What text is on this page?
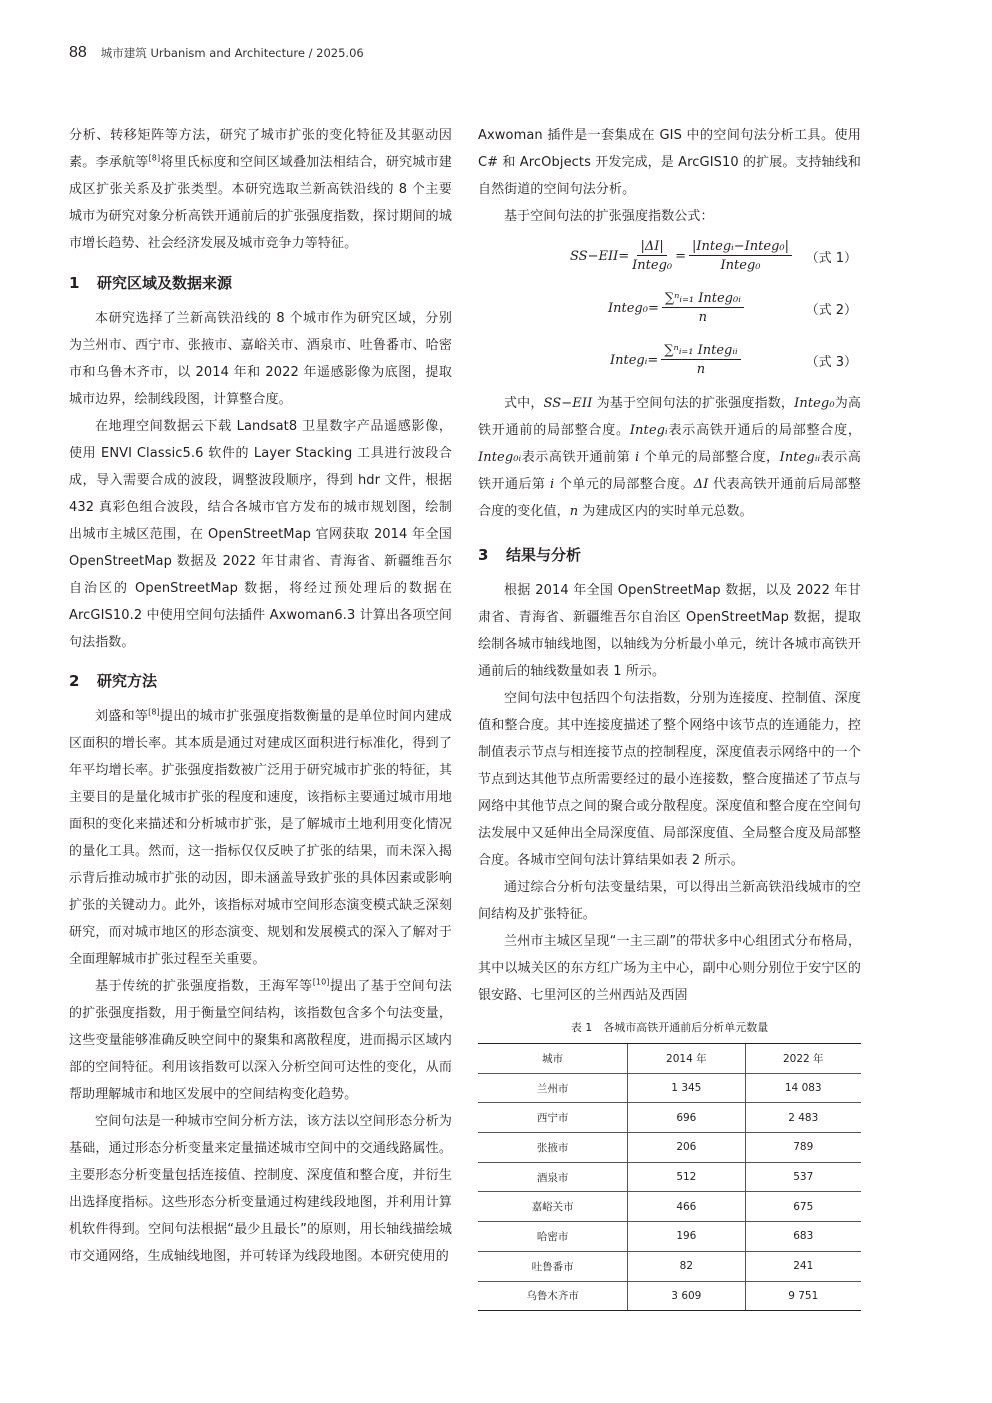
88 城市建筑 Urbanism and Architecture / 2025.06

分析、转移矩阵等方法，研究了城市扩张的变化特征及其驱动因素。李承航等[8]将里氏标度和空间区域叠加法相结合，研究城市建成区扩张关系及扩张类型。本研究选取兰新高铁沿线的 8 个主要城市为研究对象分析高铁开通前后的扩张强度指数，探讨期间的城市增长趋势、社会经济发展及城市竞争力等特征。

1 研究区域及数据来源

本研究选择了兰新高铁沿线的 8 个城市作为研究区域，分别为兰州市、西宁市、张掖市、嘉峪关市、酒泉市、吐鲁番市、哈密市和乌鲁木齐市，以 2014 年和 2022 年遥感影像为底图，提取城市边界，绘制线段图，计算整合度。

在地理空间数据云下载 Landsat8 卫星数字产品遥感影像，使用 ENVI Classic5.6 软件的 Layer Stacking 工具进行波段合成，导入需要合成的波段，调整波段顺序，得到 hdr 文件，根据 432 真彩色组合波段，结合各城市官方发布的城市规划图，绘制出城市主城区范围，在 OpenStreetMap 官网获取 2014 年全国 OpenStreetMap 数据及 2022 年甘肃省、青海省、新疆维吾尔自治区的 OpenStreetMap 数据，将经过预处理后的数据在 ArcGIS10.2 中使用空间句法插件 Axwoman6.3 计算出各项空间句法指数。

2 研究方法

刘盛和等[8]提出的城市扩张强度指数衡量的是单位时间内建成区面积的增长率。其本质是通过对建成区面积进行标准化，得到了年平均增长率。扩张强度指数被广泛用于研究城市扩张的特征，其主要目的是量化城市扩张的程度和速度，该指标主要通过城市用地面积的变化来描述和分析城市扩张，是了解城市土地利用变化情况的量化工具。然而，这一指标仅仅反映了扩张的结果，而未深入揭示背后推动城市扩张的动因，即未涵盖导致扩张的具体因素或影响扩张的关键动力。此外，该指标对城市空间形态演变模式缺乏深刻研究，而对城市地区的形态演变、规划和发展模式的深入了解对于全面理解城市扩张过程至关重要。

基于传统的扩张强度指数，王海军等[10]提出了基于空间句法的扩张强度指数，用于衡量空间结构，该指数包含多个句法变量，这些变量能够准确反映空间中的聚集和离散程度，进而揭示区域内部的空间特征。利用该指数可以深入分析空间可达性的变化，从而帮助理解城市和地区发展中的空间结构变化趋势。

空间句法是一种城市空间分析方法，该方法以空间形态分析为基础，通过形态分析变量来定量描述城市空间中的交通线路属性。主要形态分析变量包括连接值、控制度、深度值和整合度，并衍生出选择度指标。这些形态分析变量通过构建线段地图，并利用计算机软件得到。空间句法根据“最少且最长”的原则，用长轴线描绘城市交通网络，生成轴线地图，并可转译为线段地图。本研究使用的

Axwoman 插件是一套集成在 GIS 中的空间句法分析工具。使用 C# 和 ArcObjects 开发完成，是 ArcGIS10 的扩展。支持轴线和自然街道的空间句法分析。

基于空间句法的扩张强度指数公式：

$SS-EII= \frac{|\Delta I|}{\text{Integ₀}} = \frac{\text{|Integᵢ−Integ₀|}}{\text{Integ₀}}$ （式 1）
Integ₀= $\frac{\text{∑ⁿᵢ₌₁ Integ₀ᵢ}}{n}$	（式 2）
Integᵢ= $\frac{\text{∑ⁿᵢ₌₁ Integᵢᵢ}}{n}$	（式 3）

式中，SS−EII 为基于空间句法的扩张强度指数，Integ₀为高铁开通前的局部整合度。Integᵢ表示高铁开通后的局部整合度，Integ₀ᵢ表示高铁开通前第 i 个单元的局部整合度，Integᵢᵢ表示高铁开通后第 i 个单元的局部整合度。ΔI 代表高铁开通前后局部整合度的变化值，n 为建成区内的实时单元总数。

3 结果与分析

根据 2014 年全国 OpenStreetMap 数据，以及 2022 年甘肃省、青海省、新疆维吾尔自治区 OpenStreetMap 数据，提取绘制各城市轴线地图，以轴线为分析最小单元，统计各城市高铁开通前后的轴线数量如表 1 所示。

空间句法中包括四个句法指数，分别为连接度、控制值、深度值和整合度。其中连接度描述了整个网络中该节点的连通能力，控制值表示节点与相连接节点的控制程度，深度值表示网络中的一个节点到达其他节点所需要经过的最小连接数，整合度描述了节点与网络中其他节点之间的聚合或分散程度。深度值和整合度在空间句法发展中又延伸出全局深度值、局部深度值、全局整合度及局部整合度。各城市空间句法计算结果如表 2 所示。

通过综合分析句法变量结果，可以得出兰新高铁沿线城市的空间结构及扩张特征。

兰州市主城区呈现“一主三副”的带状多中心组团式分布格局，其中以城关区的东方红广场为主中心，副中心则分别位于安宁区的银安路、七里河区的兰州西站及西固

表 1　各城市高铁开通前后分析单元数量
城市	2014 年	2022 年
兰州市	1 345	14 083
西宁市	696	2 483
张掖市	206	789
酒泉市	512	537
嘉峪关市	466	675
哈密市	196	683
吐鲁番市	82	241
乌鲁木齐市	3 609	9 751
